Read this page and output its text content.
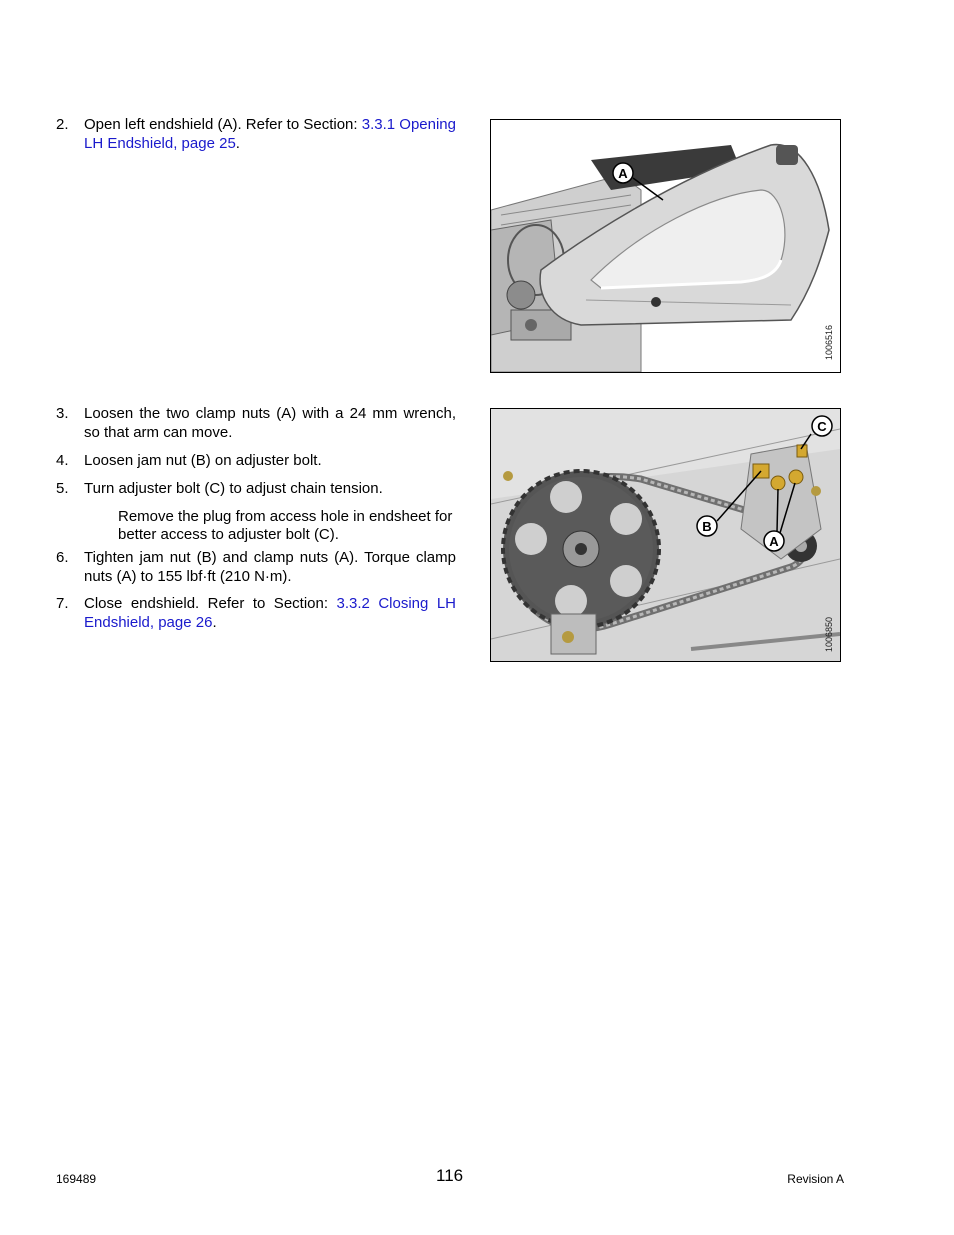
2. Open left endshield (A). Refer to Section: 3.3.1 Opening LH Endshield, page 25.
A
1006516
3. Loosen the two clamp nuts (A) with a 24 mm wrench, so that arm can move.
4. Loosen jam nut (B) on adjuster bolt.
5. Turn adjuster bolt (C) to adjust chain tension.
Remove the plug from access hole in endsheet for better access to adjuster bolt (C).
6. Tighten jam nut (B) and clamp nuts (A). Torque clamp nuts (A) to 155 lbf·ft (210 N·m).
7. Close endshield. Refer to Section: 3.3.2 Closing LH Endshield, page 26.
C
B
A
1006850
169489	116	Revision A
